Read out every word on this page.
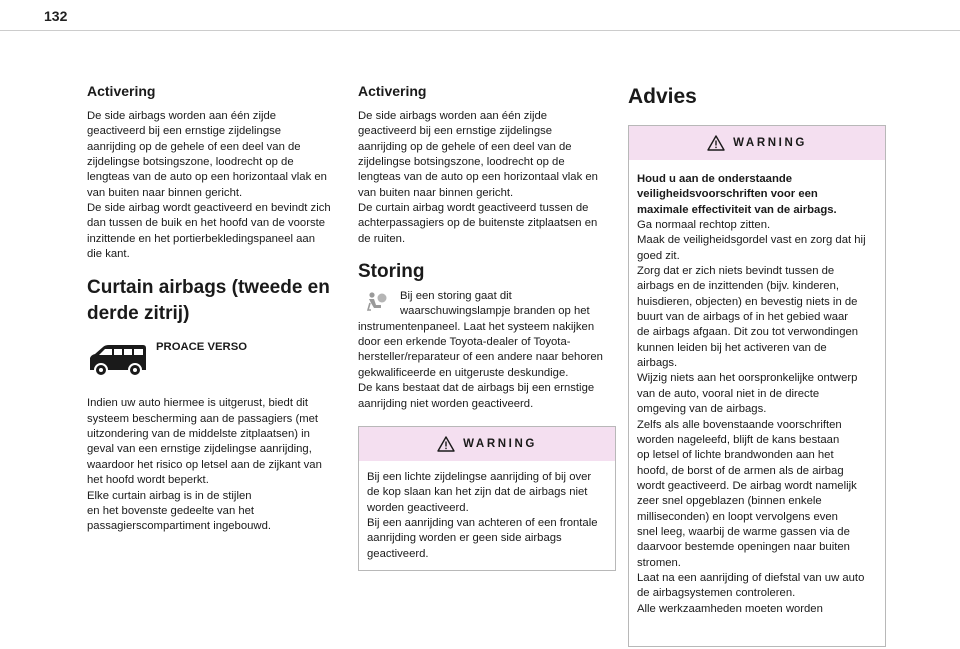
132
Activering

De side airbags worden aan één zijde
geactiveerd bij een ernstige zijdelingse
aanrijding op de gehele of een deel van de
zijdelingse botsingszone, loodrecht op de
lengteas van de auto op een horizontaal vlak en
van buiten naar binnen gericht.
De side airbag wordt geactiveerd en bevindt zich
dan tussen de buik en het hoofd van de voorste
inzittende en het portierbekledingspaneel aan
die kant.

Curtain airbags (tweede en
derde zitrij)
PROACE VERSO

Indien uw auto hiermee is uitgerust, biedt dit
systeem bescherming aan de passagiers (met
uitzondering van de middelste zitplaatsen) in
geval van een ernstige zijdelingse aanrijding,
waardoor het risico op letsel aan de zijkant van
het hoofd wordt beperkt.
Elke curtain airbag is in de stijlen
en het bovenste gedeelte van het
passagierscompartiment ingebouwd.

Activering

De side airbags worden aan één zijde
geactiveerd bij een ernstige zijdelingse
aanrijding op de gehele of een deel van de
zijdelingse botsingszone, loodrecht op de
lengteas van de auto op een horizontaal vlak en
van buiten naar binnen gericht.
De curtain airbag wordt geactiveerd tussen de
achterpassagiers op de buitenste zitplaatsen en
de ruiten.

Storing

Bij een storing gaat dit
waarschuwingslampje branden op het

instrumentenpaneel. Laat het systeem nakijken
door een erkende Toyota-dealer of Toyota-
hersteller/reparateur of een andere naar behoren
gekwalificeerde en uitgeruste deskundige.
De kans bestaat dat de airbags bij een ernstige
aanrijding niet worden geactiveerd.

WARNING

Bij een lichte zijdelingse aanrijding of bij over
de kop slaan kan het zijn dat de airbags niet
worden geactiveerd.
Bij een aanrijding van achteren of een frontale
aanrijding worden er geen side airbags
geactiveerd.

Advies
WARNING

Houd u aan de onderstaande
veiligheidsvoorschriften voor een
maximale effectiviteit van de airbags.

Ga normaal rechtop zitten.
Maak de veiligheidsgordel vast en zorg dat hij
goed zit.
Zorg dat er zich niets bevindt tussen de
airbags en de inzittenden (bijv. kinderen,
huisdieren, objecten) en bevestig niets in de
buurt van de airbags of in het gebied waar
de airbags afgaan. Dit zou tot verwondingen
kunnen leiden bij het activeren van de
airbags.
Wijzig niets aan het oorspronkelijke ontwerp
van de auto, vooral niet in de directe
omgeving van de airbags.
Zelfs als alle bovenstaande voorschriften
worden nageleefd, blijft de kans bestaan
op letsel of lichte brandwonden aan het
hoofd, de borst of de armen als de airbag
wordt geactiveerd. De airbag wordt namelijk
zeer snel opgeblazen (binnen enkele
milliseconden) en loopt vervolgens even
snel leeg, waarbij de warme gassen via de
daarvoor bestemde openingen naar buiten
stromen.
Laat na een aanrijding of diefstal van uw auto
de airbagsystemen controleren.
Alle werkzaamheden moeten worden
